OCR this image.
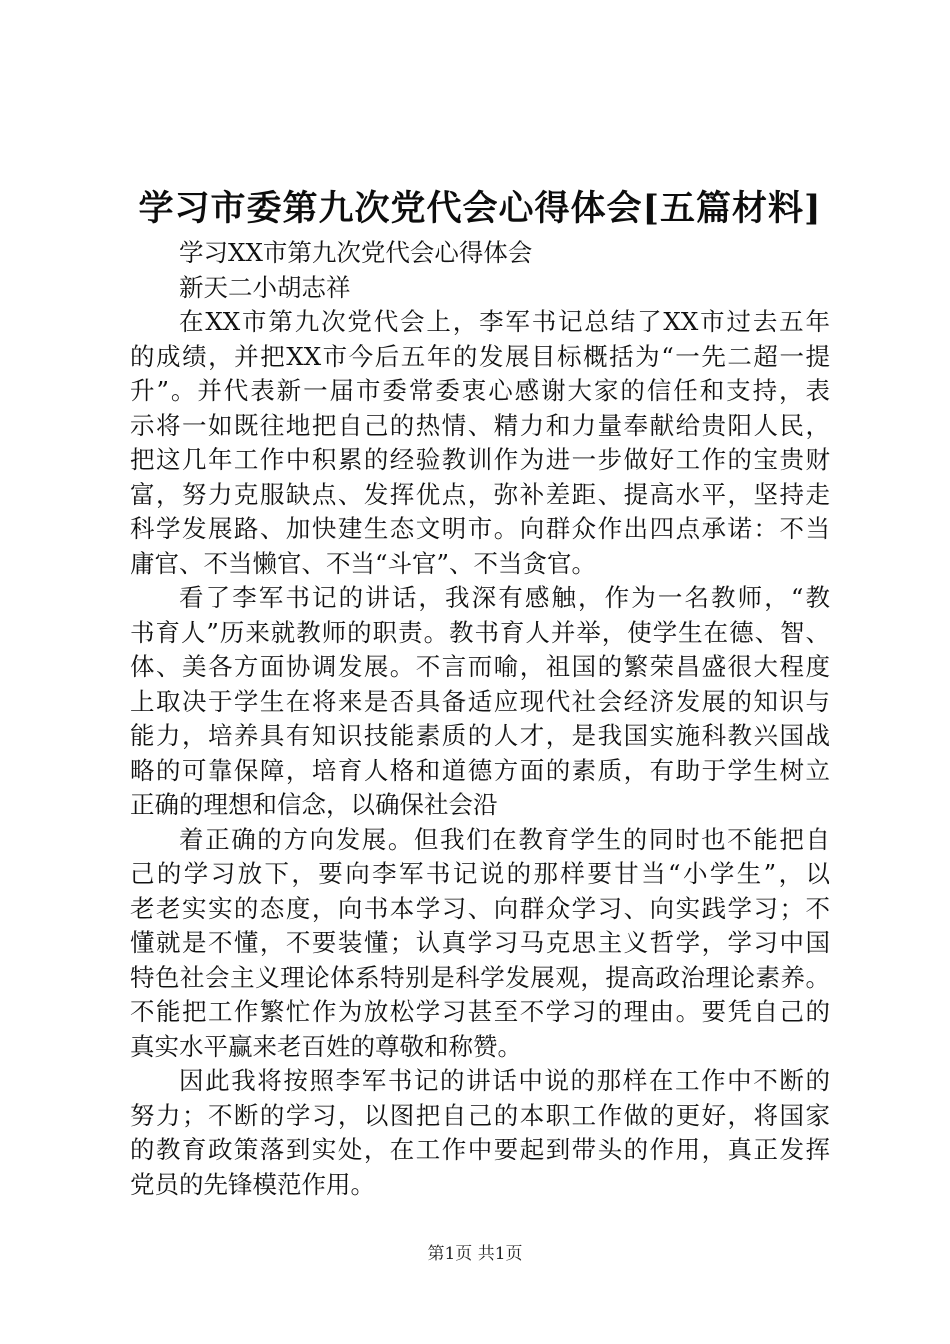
学习市委第九次党代会心得体会[五篇材料]
学习XX市第九次党代会心得体会
新天二小胡志祥
在XX市第九次党代会上，李军书记总结了XX市过去五年
的成绩，并把XX市今后五年的发展目标概括为“一先二超一提
升”。并代表新一届市委常委衷心感谢大家的信任和支持，表
示将一如既往地把自己的热情、精力和力量奉献给贵阳人民，
把这几年工作中积累的经验教训作为进一步做好工作的宝贵财
富，努力克服缺点、发挥优点，弥补差距、提高水平，坚持走
科学发展路、加快建生态文明市。向群众作出四点承诺：不当
庸官、不当懒官、不当“斗官”、不当贪官。
看了李军书记的讲话，我深有感触，作为一名教师，“教
书育人”历来就教师的职责。教书育人并举，使学生在德、智、
体、美各方面协调发展。不言而喻，祖国的繁荣昌盛很大程度
上取决于学生在将来是否具备适应现代社会经济发展的知识与
能力，培养具有知识技能素质的人才，是我国实施科教兴国战
略的可靠保障，培育人格和道德方面的素质，有助于学生树立
正确的理想和信念，以确保社会沿
着正确的方向发展。但我们在教育学生的同时也不能把自
己的学习放下，要向李军书记说的那样要甘当“小学生”，以
老老实实的态度，向书本学习、向群众学习、向实践学习；不
懂就是不懂，不要装懂；认真学习马克思主义哲学，学习中国
特色社会主义理论体系特别是科学发展观，提高政治理论素养。
不能把工作繁忙作为放松学习甚至不学习的理由。要凭自己的
真实水平赢来老百姓的尊敬和称赞。
因此我将按照李军书记的讲话中说的那样在工作中不断的
努力；不断的学习，以图把自己的本职工作做的更好，将国家
的教育政策落到实处，在工作中要起到带头的作用，真正发挥
党员的先锋模范作用。
第1页 共1页
